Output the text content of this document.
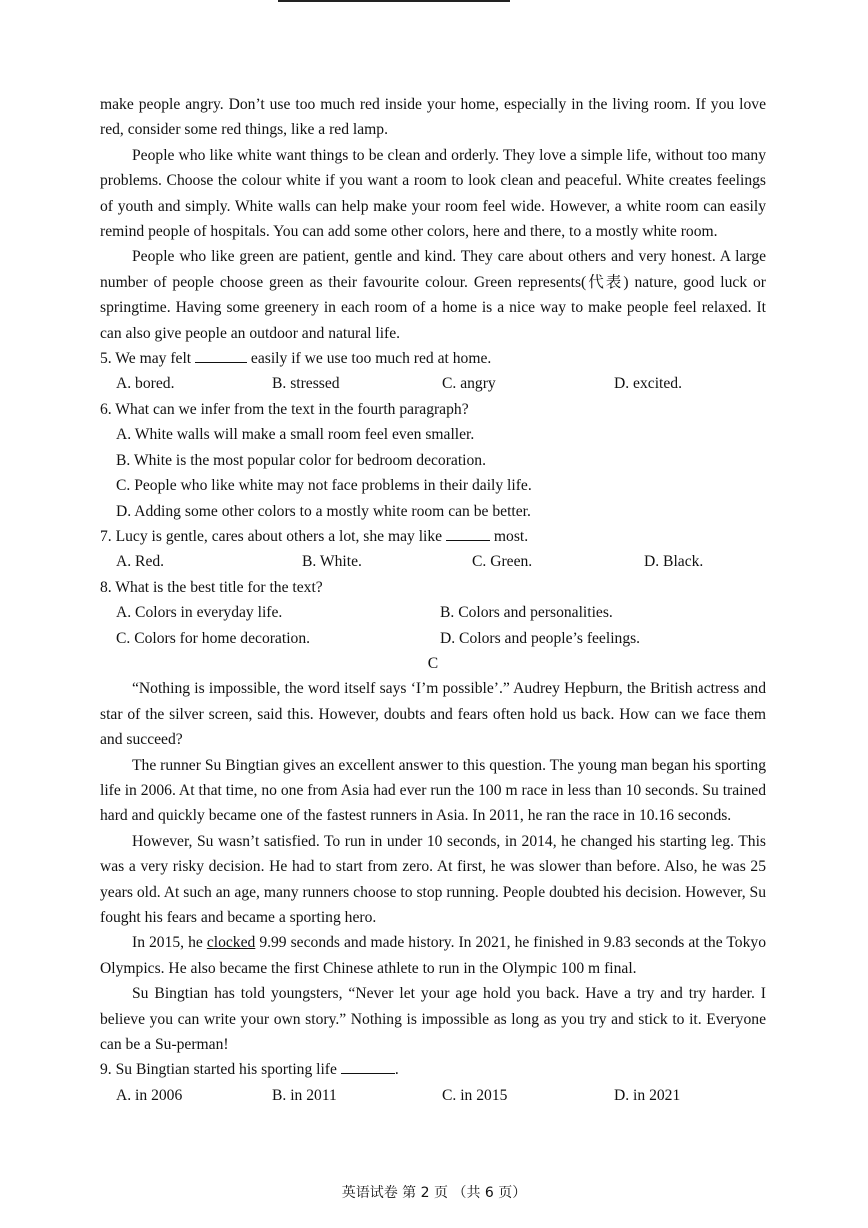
make people angry. Don’t use too much red inside your home, especially in the living room. If you love red, consider some red things, like a red lamp.

People who like white want things to be clean and orderly. They love a simple life, without too many problems. Choose the colour white if you want a room to look clean and peaceful. White creates feelings of youth and simply. White walls can help make your room feel wide. However, a white room can easily remind people of hospitals. You can add some other colors, here and there, to a mostly white room.

People who like green are patient, gentle and kind. They care about others and very honest. A large number of people choose green as their favourite colour. Green represents(代表) nature, good luck or springtime. Having some greenery in each room of a home is a nice way to make people feel relaxed. It can also give people an outdoor and natural life.

5. We may felt	easily if we use too much red at home.
A. bored.	B. stressed	C. angry	D. excited.
6. What can we infer from the text in the fourth paragraph?
A. White walls will make a small room feel even smaller.
B. White is the most popular color for bedroom decoration.
C. People who like white may not face problems in their daily life.
D. Adding some other colors to a mostly white room can be better.
7. Lucy is gentle, cares about others a lot, she may like	most.
A. Red.	B. White.	C. Green.	D. Black.
8. What is the best title for the text?
A. Colors in everyday life.	B. Colors and personalities.
C. Colors for home decoration.	D. Colors and people’s feelings.
C

“Nothing is impossible, the word itself says ‘I’m possible’.” Audrey Hepburn, the British actress and star of the silver screen, said this. However, doubts and fears often hold us back. How can we face them and succeed?

The runner Su Bingtian gives an excellent answer to this question. The young man began his sporting life in 2006. At that time, no one from Asia had ever run the 100 m race in less than 10 seconds. Su trained hard and quickly became one of the fastest runners in Asia. In 2011, he ran the race in 10.16 seconds.

However, Su wasn’t satisfied. To run in under 10 seconds, in 2014, he changed his starting leg. This was a very risky decision. He had to start from zero. At first, he was slower than before. Also, he was 25 years old. At such an age, many runners choose to stop running. People doubted his decision. However, Su fought his fears and became a sporting hero.

In 2015, he clocked 9.99 seconds and made history. In 2021, he finished in 9.83 seconds at the Tokyo Olympics. He also became the first Chinese athlete to run in the Olympic 100 m final.

Su Bingtian has told youngsters, “Never let your age hold you back. Have a try and try harder. I believe you can write your own story.” Nothing is impossible as long as you try and stick to it. Everyone can be a Su-perman!

9. Su Bingtian started his sporting life	.
A. in 2006	B. in 2011	C. in 2015	D. in 2021
英语试卷 第 2 页 （共 6 页）
